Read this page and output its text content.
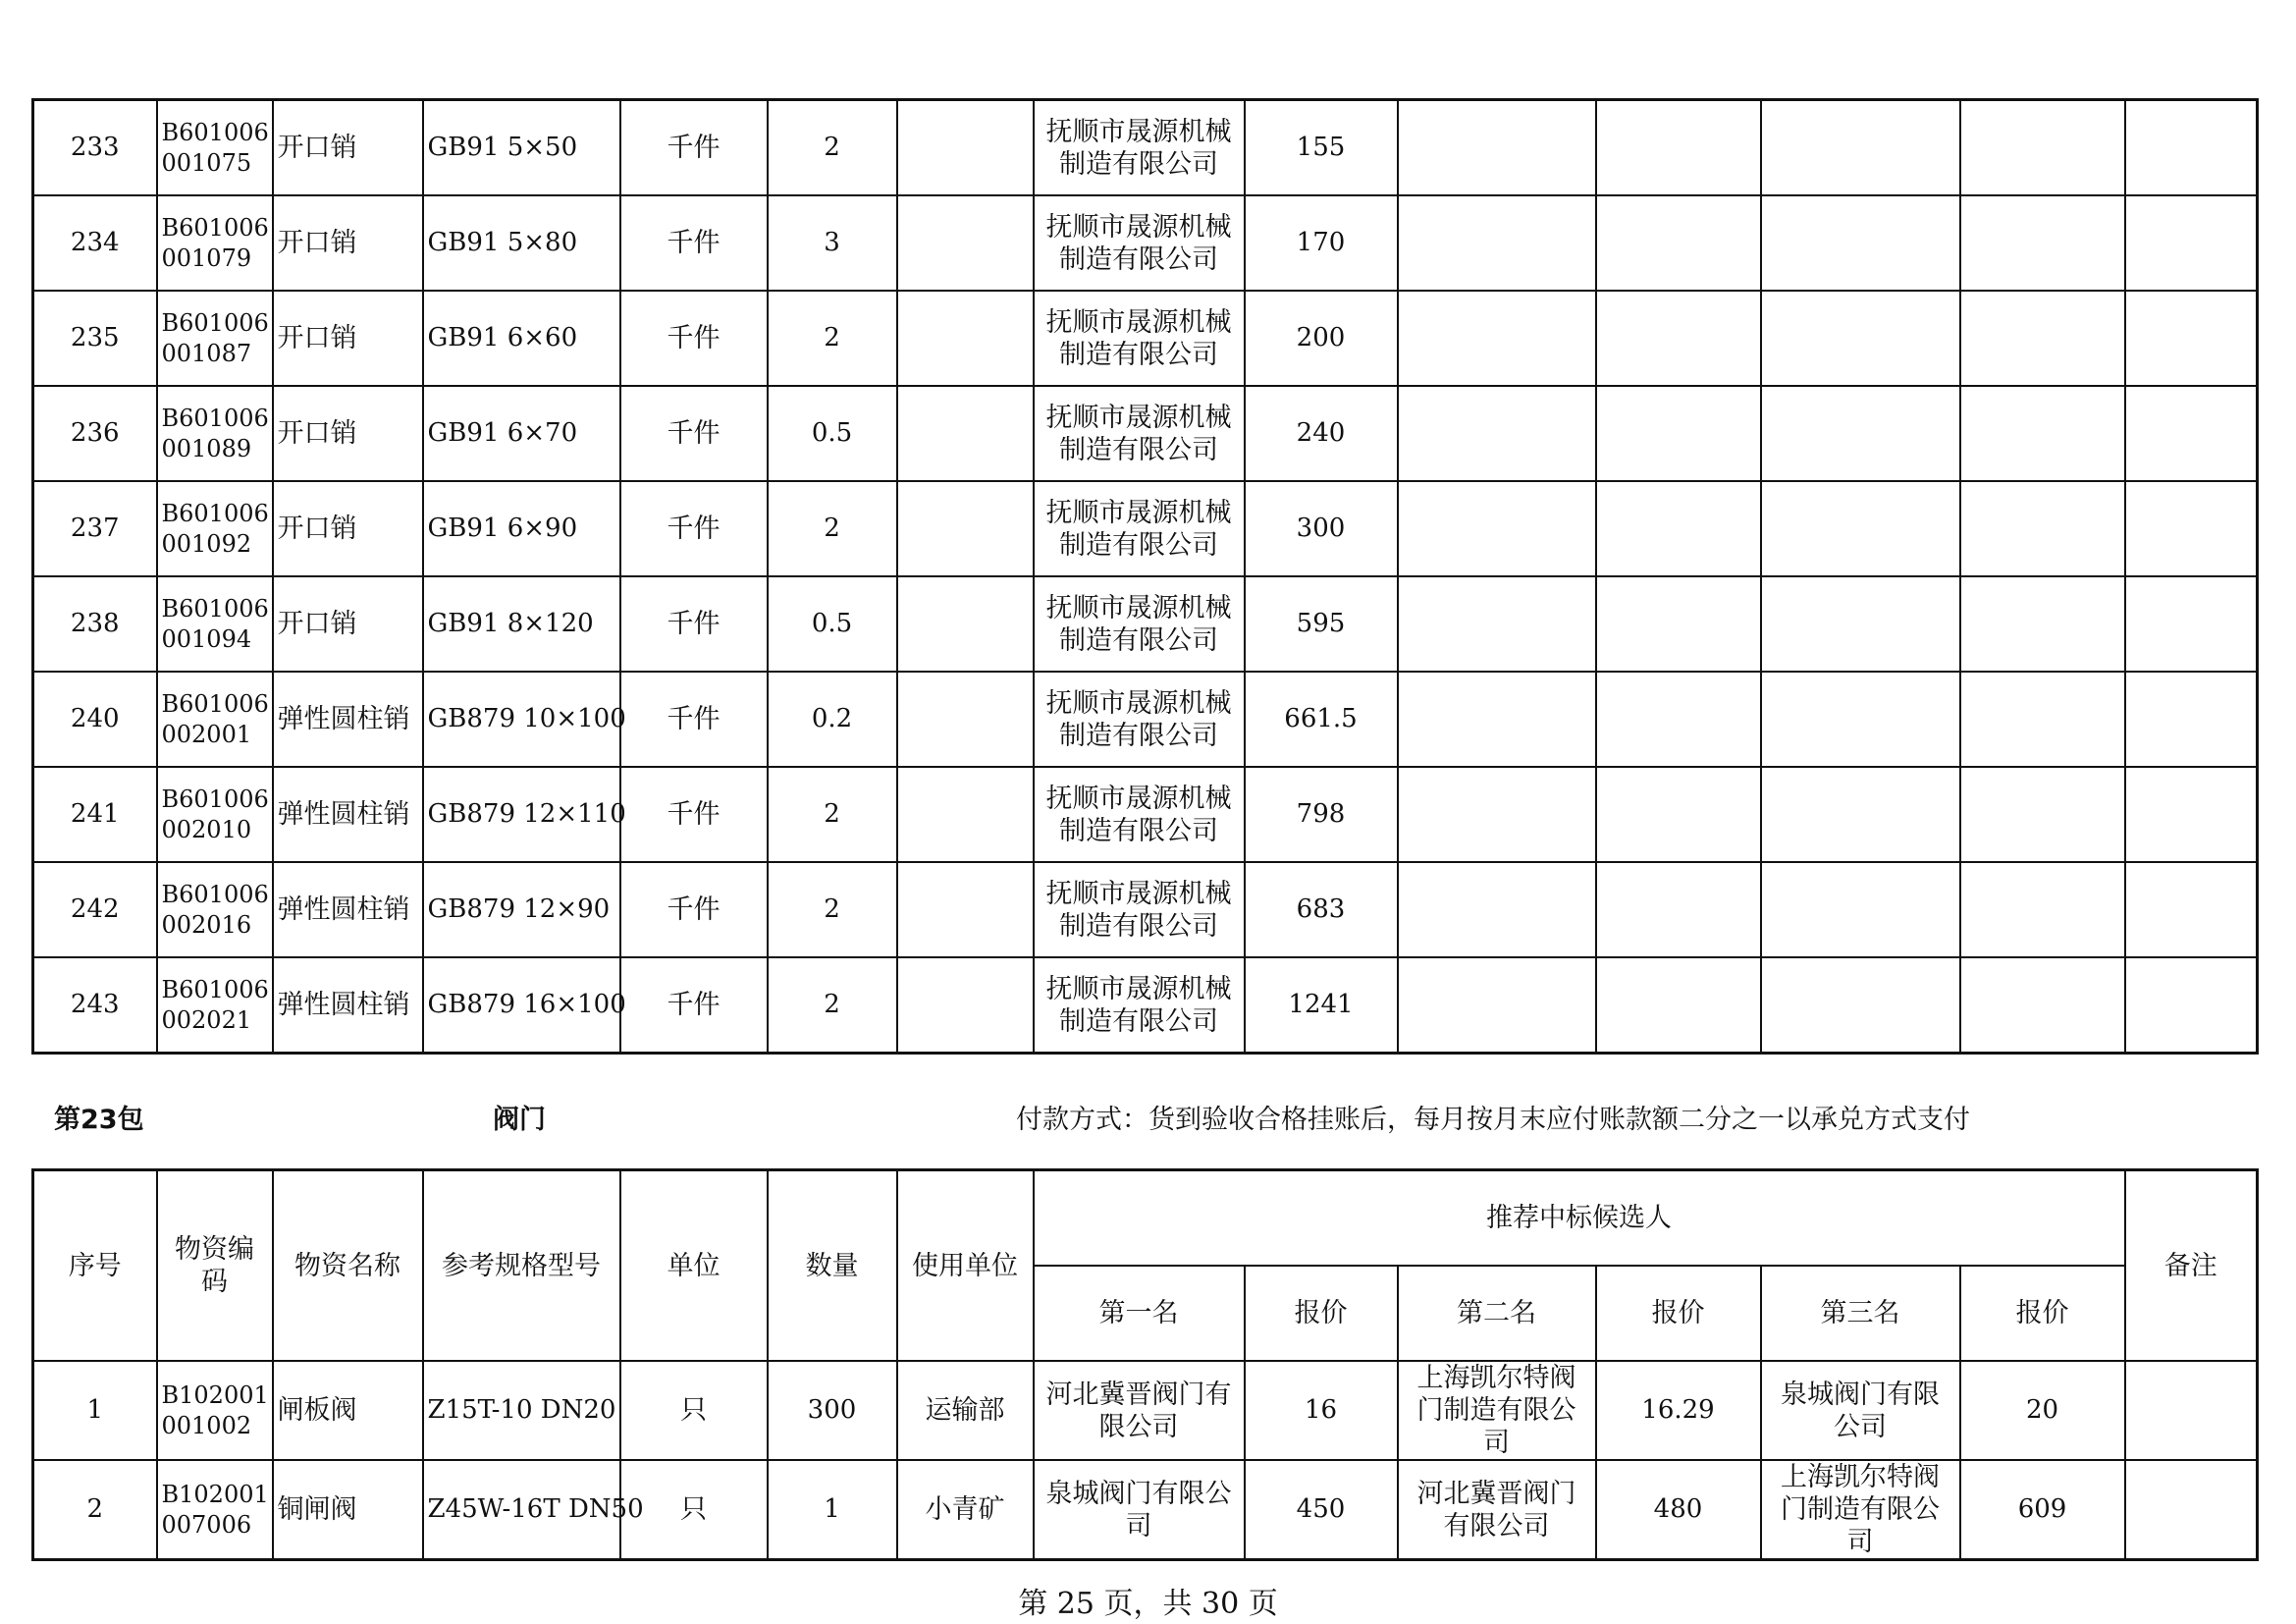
233	B601006001075	开口销	GB91 5×50	千件	2		抚顺市晟源机械制造有限公司	155					
234	B601006001079	开口销	GB91 5×80	千件	3		抚顺市晟源机械制造有限公司	170					
235	B601006001087	开口销	GB91 6×60	千件	2		抚顺市晟源机械制造有限公司	200					
236	B601006001089	开口销	GB91 6×70	千件	0.5		抚顺市晟源机械制造有限公司	240					
237	B601006001092	开口销	GB91 6×90	千件	2		抚顺市晟源机械制造有限公司	300					
238	B601006001094	开口销	GB91 8×120	千件	0.5		抚顺市晟源机械制造有限公司	595					
240	B601006002001	弹性圆柱销	GB879 10×100	千件	0.2		抚顺市晟源机械制造有限公司	661.5					
241	B601006002010	弹性圆柱销	GB879 12×110	千件	2		抚顺市晟源机械制造有限公司	798					
242	B601006002016	弹性圆柱销	GB879 12×90	千件	2		抚顺市晟源机械制造有限公司	683					
243	B601006002021	弹性圆柱销	GB879 16×100	千件	2		抚顺市晟源机械制造有限公司	1241					
第23包	阀门	付款方式：货到验收合格挂账后，每月按月末应付账款额二分之一以承兑方式支付
序号	物资编码	物资名称	参考规格型号	单位	数量	使用单位	推荐中标候选人						备注
							第一名	报价	第二名	报价	第三名	报价	
1	B102001001002	闸板阀	Z15T-10 DN20	只	300	运输部	河北冀晋阀门有限公司	16	上海凯尔特阀门制造有限公司	16.29	泉城阀门有限公司	20	
2	B102001007006	铜闸阀	Z45W-16T DN50	只	1	小青矿	泉城阀门有限公司	450	河北冀晋阀门有限公司	480	上海凯尔特阀门制造有限公司	609	
第 25 页，共 30 页
